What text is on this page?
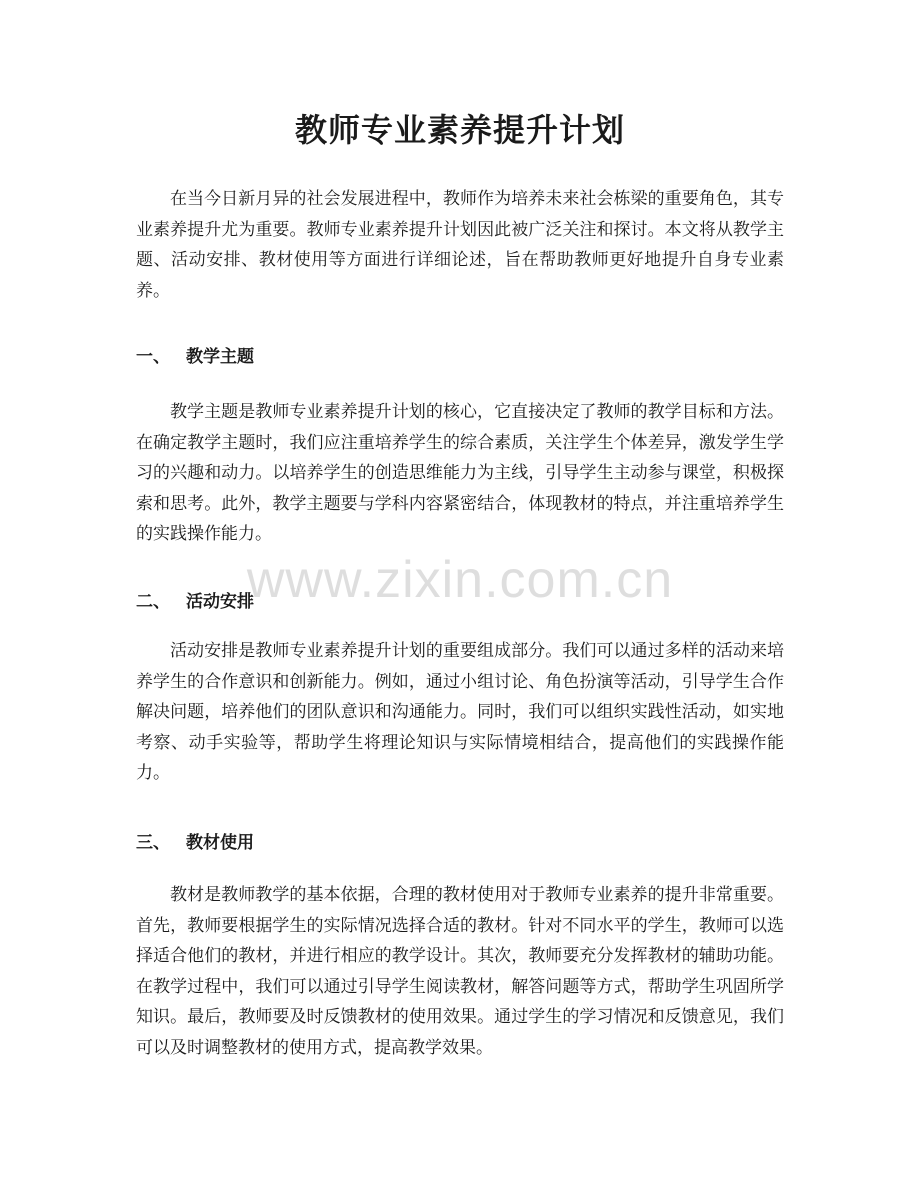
教师专业素养提升计划

在当今日新月异的社会发展进程中，教师作为培养未来社会栋梁的重要角色，其专业素养提升尤为重要。教师专业素养提升计划因此被广泛关注和探讨。本文将从教学主题、活动安排、教材使用等方面进行详细论述，旨在帮助教师更好地提升自身专业素养。

一、 教学主题

教学主题是教师专业素养提升计划的核心，它直接决定了教师的教学目标和方法。在确定教学主题时，我们应注重培养学生的综合素质，关注学生个体差异，激发学生学习的兴趣和动力。以培养学生的创造思维能力为主线，引导学生主动参与课堂，积极探索和思考。此外，教学主题要与学科内容紧密结合，体现教材的特点，并注重培养学生的实践操作能力。

二、 活动安排

活动安排是教师专业素养提升计划的重要组成部分。我们可以通过多样的活动来培养学生的合作意识和创新能力。例如，通过小组讨论、角色扮演等活动，引导学生合作解决问题，培养他们的团队意识和沟通能力。同时，我们可以组织实践性活动，如实地考察、动手实验等，帮助学生将理论知识与实际情境相结合，提高他们的实践操作能力。

三、 教材使用

教材是教师教学的基本依据，合理的教材使用对于教师专业素养的提升非常重要。首先，教师要根据学生的实际情况选择合适的教材。针对不同水平的学生，教师可以选择适合他们的教材，并进行相应的教学设计。其次，教师要充分发挥教材的辅助功能。在教学过程中，我们可以通过引导学生阅读教材，解答问题等方式，帮助学生巩固所学知识。最后，教师要及时反馈教材的使用效果。通过学生的学习情况和反馈意见，我们可以及时调整教材的使用方式，提高教学效果。

www.zixin.com.cn
